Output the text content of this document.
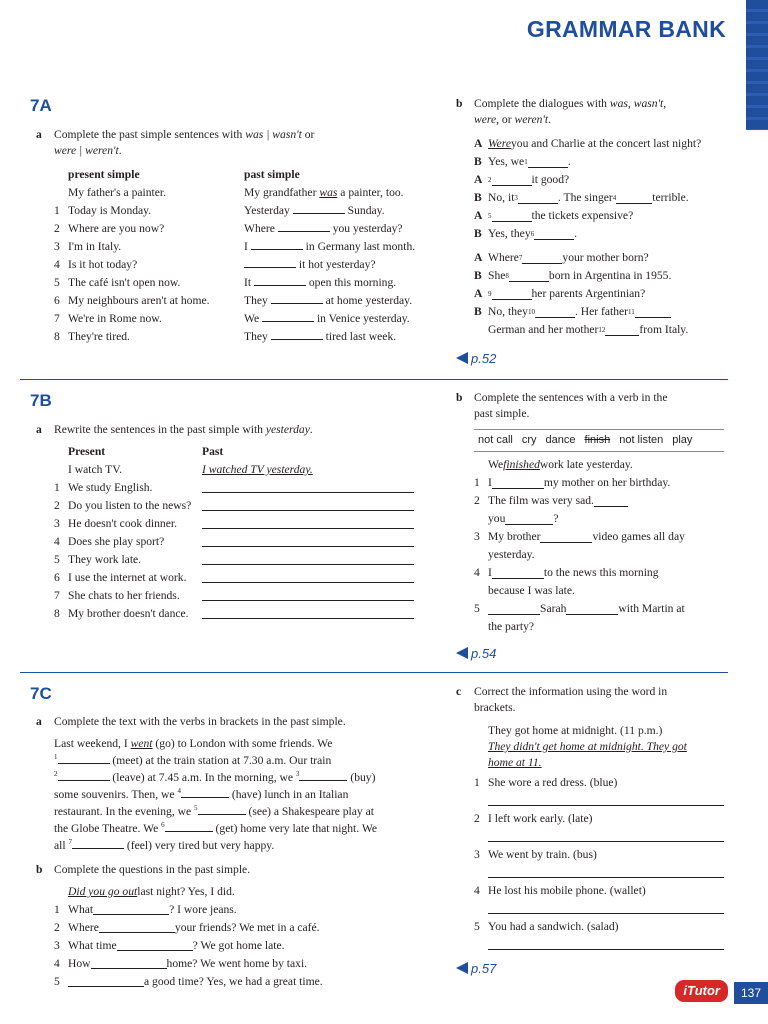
GRAMMAR BANK
7A
a Complete the past simple sentences with was | wasn't or
were | weren't.
present simple	past simple
My father's a painter.	My grandfather was a painter, too.
1 Today is Monday.	Yesterday	Sunday.
2 Where are you now?	Where	you yesterday?
3 I'm in Italy.	I	in Germany last month.
4 Is it hot today?	it hot yesterday?
5 The café isn't open now.	It	open this morning.
6 My neighbours aren't at home.	They	at home yesterday.
7 We're in Rome now.	We	in Venice yesterday.
8 They're tired.	They	tired last week.
b Complete the dialogues with was, wasn't,
were, or weren't.
A Were you and Charlie at the concert last night?
B Yes, we 1	.
A 2	it good?
B No, it 3	. The singer 4	terrible.
A 5	the tickets expensive?
B Yes, they 6	.
A Where 7	your mother born?
B She 8	born in Argentina in 1955.
A 9	her parents Argentinian?
B No, they 10	. Her father 11
German and her mother 12	from Italy.
p.52
7B
a Rewrite the sentences in the past simple with yesterday.
Present	Past
I watch TV.	I watched TV yesterday.
1 We study English.
2 Do you listen to the news?
3 He doesn't cook dinner.
4 Does she play sport?
5 They work late.
6 I use the internet at work.
7 She chats to her friends.
8 My brother doesn't dance.
b Complete the sentences with a verb in the
past simple.
not call cry dance finish not listen play
We finished work late yesterday.
1 I	my mother on her birthday.
2 The film was very sad.
you	?
3 My brother	video games all day
yesterday.
4 I	to the news this morning
because I was late.
5	Sarah	with Martin at
the party?
p.54
7C
a Complete the text with the verbs in brackets in the past simple.
Last weekend, I went (go) to London with some friends. We
$^1$	(meet) at the train station at 7.30 a.m. Our train
$^2$	(leave) at 7.45 a.m. In the morning, we $^3$	(buy)
some souvenirs. Then, we $^4$	(have) lunch in an Italian
restaurant. In the evening, we $^5$	(see) a Shakespeare play at
the Globe Theatre. We $^6$	(get) home very late that night. We
all $^7$	(feel) very tired but very happy.
b Complete the questions in the past simple.
Did you go out last night? Yes, I did.
1 What	? I wore jeans.
2 Where	your friends? We met in a café.
3 What time	? We got home late.
4 How	home? We went home by taxi.
5	a good time? Yes, we had a great time.
c Correct the information using the word in
brackets.
They got home at midnight. (11 p.m.)
They didn't get home at midnight. They got
home at 11.
1 She wore a red dress. (blue)
2 I left work early. (late)
3 We went by train. (bus)
4 He lost his mobile phone. (wallet)
5 You had a sandwich. (salad)
p.57
iTutor	137
